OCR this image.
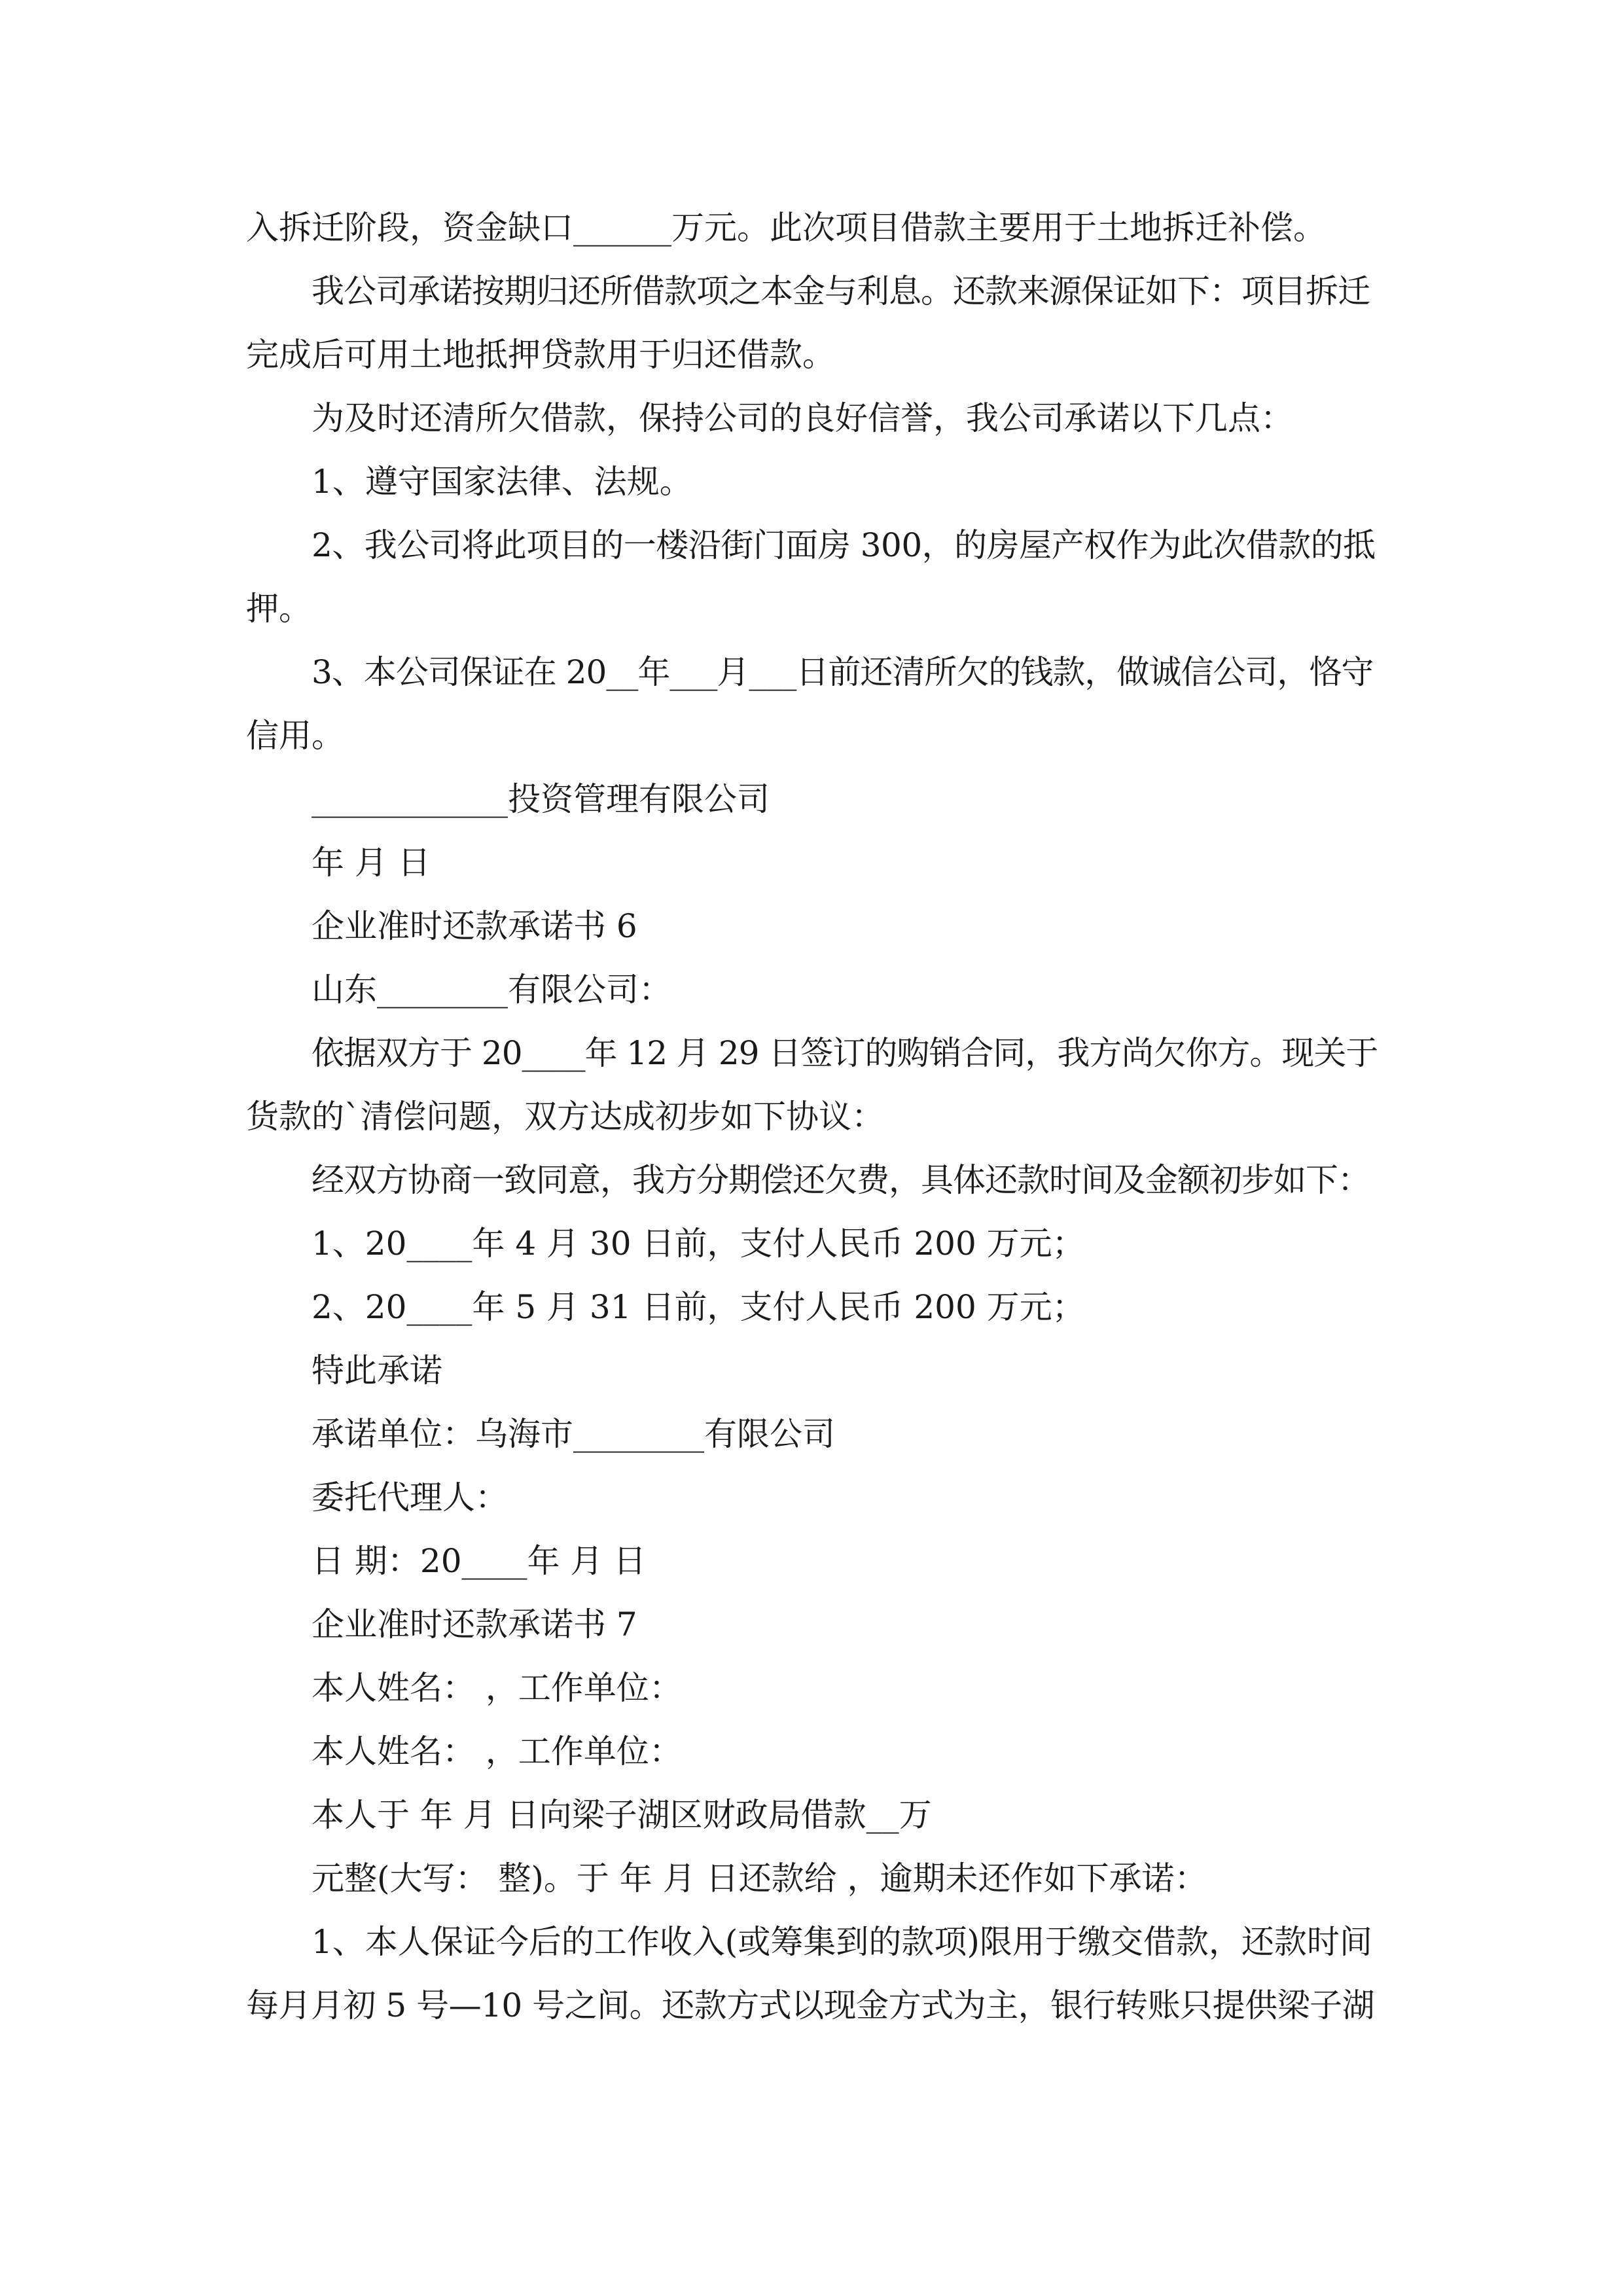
入拆迁阶段，资金缺口______万元。此次项目借款主要用于土地拆迁补偿。

我公司承诺按期归还所借款项之本金与利息。还款来源保证如下：项目拆迁

完成后可用土地抵押贷款用于归还借款。

为及时还清所欠借款，保持公司的良好信誉，我公司承诺以下几点：

1、遵守国家法律、法规。

2、我公司将此项目的一楼沿街门面房 300，的房屋产权作为此次借款的抵

押。

3、本公司保证在 20__年___月___日前还清所欠的钱款，做诚信公司，恪守

信用。

____________投资管理有限公司

年 月 日

企业准时还款承诺书 6

山东________有限公司：

依据双方于 20____年 12 月 29 日签订的购销合同，我方尚欠你方。现关于

货款的`清偿问题，双方达成初步如下协议：

经双方协商一致同意，我方分期偿还欠费，具体还款时间及金额初步如下：

1、20____年 4 月 30 日前，支付人民币 200 万元；

2、20____年 5 月 31 日前，支付人民币 200 万元；

特此承诺

承诺单位：乌海市________有限公司

委托代理人：

日 期：20____年 月 日

企业准时还款承诺书 7

本人姓名： ，工作单位：

本人姓名： ，工作单位：

本人于 年 月 日向梁子湖区财政局借款__万

元整(大写： 整)。于 年 月 日还款给 ，逾期未还作如下承诺：

1、本人保证今后的工作收入(或筹集到的款项)限用于缴交借款，还款时间

每月月初 5 号—10 号之间。还款方式以现金方式为主，银行转账只提供梁子湖
